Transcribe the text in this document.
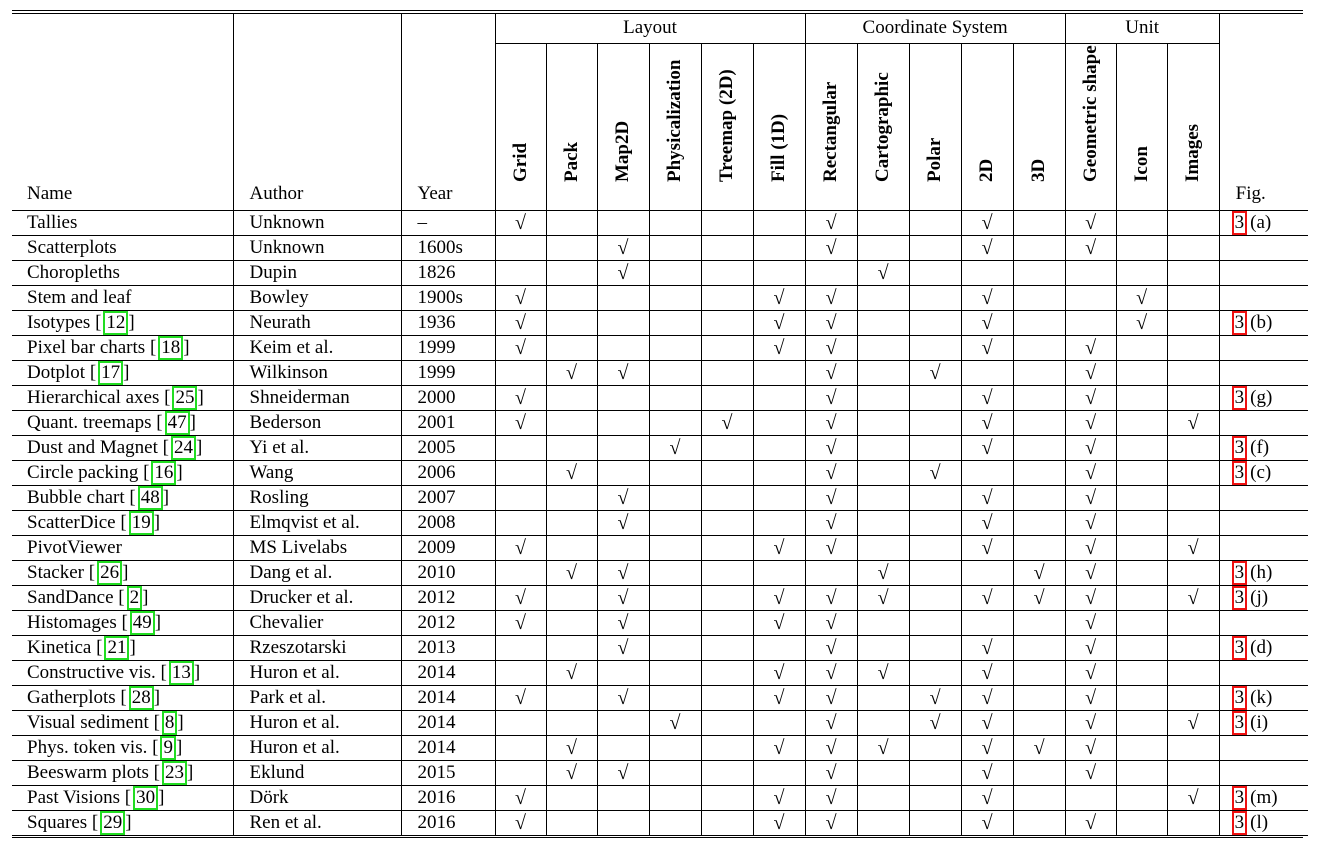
Name	Author	Year	Layout						Coordinate System					Unit			Fig.

			Grid	Pack	Map2D	Physicalization	Treemap (2D)	Fill (1D)	Rectangular	Cartographic	Polar	2D	3D	Geometric shape	Icon	Images	

Tallies	Unknown	–	√						√			√		√			3 (a)
Scatterplots	Unknown	1600s			√				√			√		√			
Choropleths	Dupin	1826			√					√							
Stem and leaf	Bowley	1900s	√					√	√			√			√		
Isotypes [ 12 ]	Neurath	1936	√					√	√			√			√		3 (b)
Pixel bar charts [ 18 ]	Keim et al.	1999	√					√	√			√		√			
Dotplot [ 17 ]	Wilkinson	1999		√	√				√		√			√			
Hierarchical axes [ 25 ]	Shneiderman	2000	√						√			√		√			3 (g)
Quant. treemaps [ 47 ]	Bederson	2001	√				√		√			√		√		√	
Dust and Magnet [ 24 ]	Yi et al.	2005				√			√			√		√			3 (f)
Circle packing [ 16 ]	Wang	2006		√					√		√			√			3 (c)
Bubble chart [ 48 ]	Rosling	2007			√				√			√		√			
ScatterDice [ 19 ]	Elmqvist et al.	2008			√				√			√		√			
PivotViewer	MS Livelabs	2009	√					√	√			√		√		√	
Stacker [ 26 ]	Dang et al.	2010		√	√					√			√	√			3 (h)
SandDance [ 2 ]	Drucker et al.	2012	√		√			√	√	√		√	√	√		√	3 (j)
Histomages [ 49 ]	Chevalier	2012	√		√			√	√					√			
Kinetica [ 21 ]	Rzeszotarski	2013			√				√			√		√			3 (d)
Constructive vis. [ 13 ]	Huron et al.	2014		√				√	√	√		√		√			
Gatherplots [ 28 ]	Park et al.	2014	√		√			√	√		√	√		√			3 (k)
Visual sediment [ 8 ]	Huron et al.	2014				√			√		√	√		√		√	3 (i)
Phys. token vis. [ 9 ]	Huron et al.	2014		√				√	√	√		√	√	√			
Beeswarm plots [ 23 ]	Eklund	2015		√	√				√			√		√			
Past Visions [ 30 ]	Dörk	2016	√					√	√			√				√	3 (m)
Squares [ 29 ]	Ren et al.	2016	√					√	√			√		√			3 (l)
